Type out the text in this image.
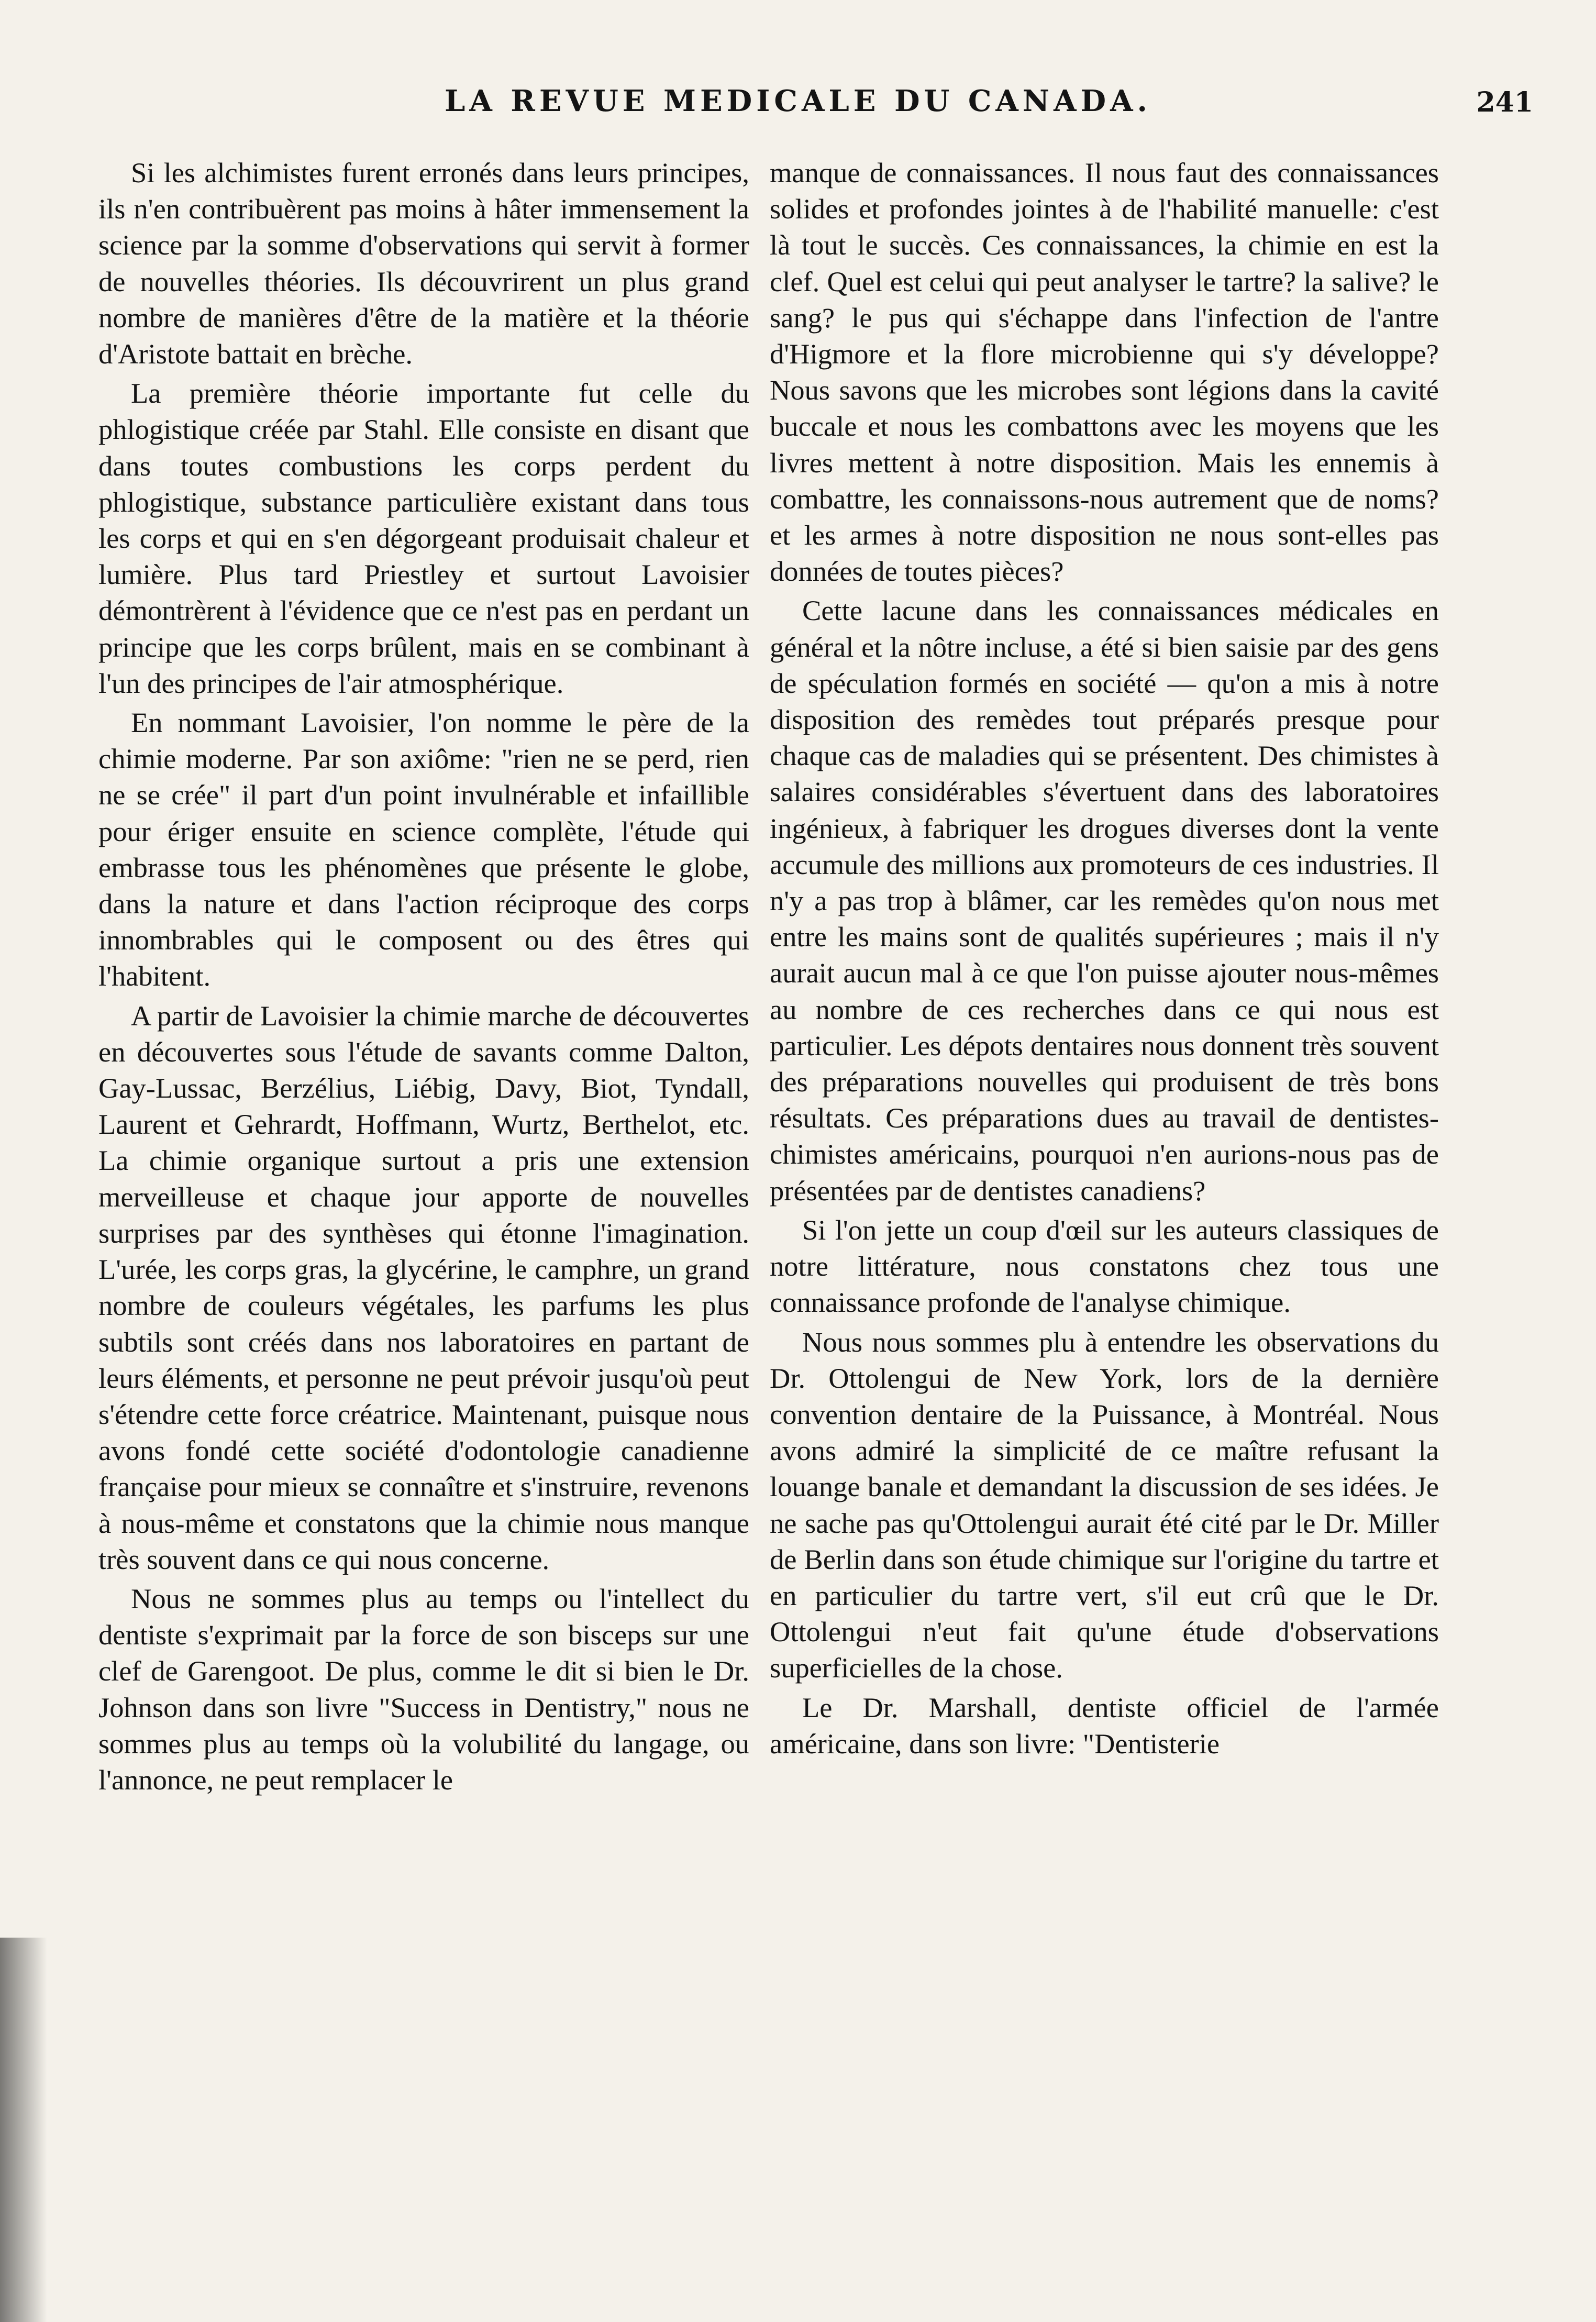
LA REVUE MEDICALE DU CANADA.	241

Si les alchimistes furent erronés dans leurs principes, ils n'en contribuèrent pas moins à hâter immensement la science par la somme d'observations qui servit à former de nouvelles théories. Ils découvrirent un plus grand nombre de manières d'être de la matière et la théorie d'Aristote battait en brèche.

La première théorie importante fut celle du phlogistique créée par Stahl. Elle consiste en disant que dans toutes combustions les corps perdent du phlogistique, substance particulière existant dans tous les corps et qui en s'en dégorgeant produisait chaleur et lumière. Plus tard Priestley et surtout Lavoisier démontrèrent à l'évidence que ce n'est pas en perdant un principe que les corps brûlent, mais en se combinant à l'un des principes de l'air atmosphérique.

En nommant Lavoisier, l'on nomme le père de la chimie moderne. Par son axiôme: "rien ne se perd, rien ne se crée" il part d'un point invulnérable et infaillible pour ériger ensuite en science complète, l'étude qui embrasse tous les phénomènes que présente le globe, dans la nature et dans l'action réciproque des corps innombrables qui le composent ou des êtres qui l'habitent.

A partir de Lavoisier la chimie marche de découvertes en découvertes sous l'étude de savants comme Dalton, Gay-Lussac, Berzélius, Liébig, Davy, Biot, Tyndall, Laurent et Gehrardt, Hoffmann, Wurtz, Berthelot, etc. La chimie organique surtout a pris une extension merveilleuse et chaque jour apporte de nouvelles surprises par des synthèses qui étonne l'imagination. L'urée, les corps gras, la glycérine, le camphre, un grand nombre de couleurs végétales, les parfums les plus subtils sont créés dans nos laboratoires en partant de leurs éléments, et personne ne peut prévoir jusqu'où peut s'étendre cette force créatrice. Maintenant, puisque nous avons fondé cette société d'odontologie canadienne française pour mieux se connaître et s'instruire, revenons à nous-même et constatons que la chimie nous manque très souvent dans ce qui nous concerne.

Nous ne sommes plus au temps ou l'intellect du dentiste s'exprimait par la force de son bisceps sur une clef de Garengoot. De plus, comme le dit si bien le Dr. Johnson dans son livre "Success in Dentistry," nous ne sommes plus au temps où la volubilité du langage, ou l'annonce, ne peut remplacer le

manque de connaissances. Il nous faut des connaissances solides et profondes jointes à de l'habilité manuelle: c'est là tout le succès. Ces connaissances, la chimie en est la clef. Quel est celui qui peut analyser le tartre? la salive? le sang? le pus qui s'échappe dans l'infection de l'antre d'Higmore et la flore microbienne qui s'y développe? Nous savons que les microbes sont légions dans la cavité buccale et nous les combattons avec les moyens que les livres mettent à notre disposition. Mais les ennemis à combattre, les connaissons-nous autrement que de noms? et les armes à notre disposition ne nous sont-elles pas données de toutes pièces?

Cette lacune dans les connaissances médicales en général et la nôtre incluse, a été si bien saisie par des gens de spéculation formés en société — qu'on a mis à notre disposition des remèdes tout préparés presque pour chaque cas de maladies qui se présentent. Des chimistes à salaires considérables s'évertuent dans des laboratoires ingénieux, à fabriquer les drogues diverses dont la vente accumule des millions aux promoteurs de ces industries. Il n'y a pas trop à blâmer, car les remèdes qu'on nous met entre les mains sont de qualités supérieures ; mais il n'y aurait aucun mal à ce que l'on puisse ajouter nous-mêmes au nombre de ces recherches dans ce qui nous est particulier. Les dépots dentaires nous donnent très souvent des préparations nouvelles qui produisent de très bons résultats. Ces préparations dues au travail de dentistes-chimistes américains, pourquoi n'en aurions-nous pas de présentées par de dentistes canadiens?

Si l'on jette un coup d'œil sur les auteurs classiques de notre littérature, nous constatons chez tous une connaissance profonde de l'analyse chimique.

Nous nous sommes plu à entendre les observations du Dr. Ottolengui de New York, lors de la dernière convention dentaire de la Puissance, à Montréal. Nous avons admiré la simplicité de ce maître refusant la louange banale et demandant la discussion de ses idées. Je ne sache pas qu'Ottolengui aurait été cité par le Dr. Miller de Berlin dans son étude chimique sur l'origine du tartre et en particulier du tartre vert, s'il eut crû que le Dr. Ottolengui n'eut fait qu'une étude d'observations superficielles de la chose.

Le Dr. Marshall, dentiste officiel de l'armée américaine, dans son livre: "Dentisterie
